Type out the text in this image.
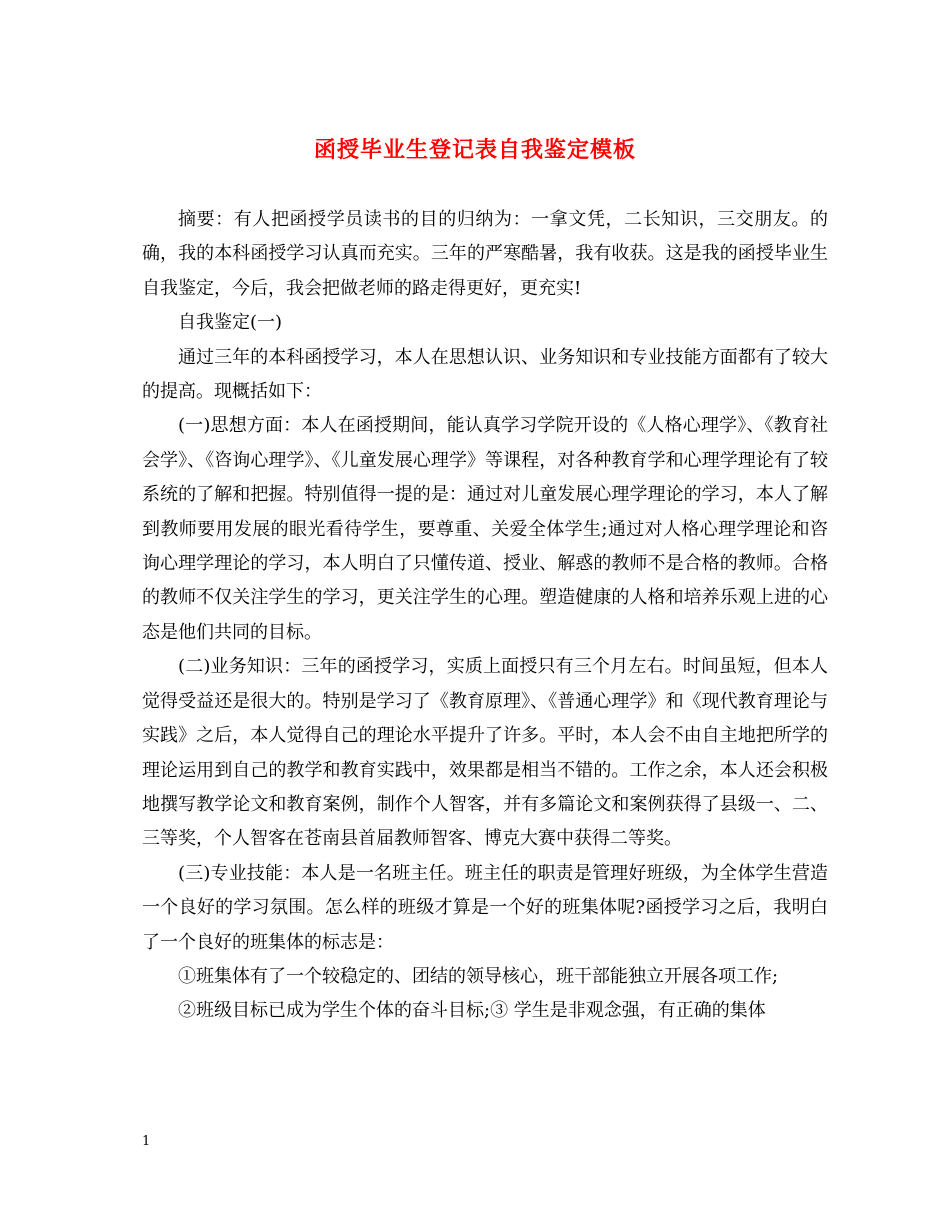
函授毕业生登记表自我鉴定模板

摘要：有人把函授学员读书的目的归纳为：一拿文凭，二长知识，三交朋友。的确，我的本科函授学习认真而充实。三年的严寒酷暑，我有收获。这是我的函授毕业生自我鉴定，今后，我会把做老师的路走得更好，更充实!

自我鉴定(一)

通过三年的本科函授学习，本人在思想认识、业务知识和专业技能方面都有了较大的提高。现概括如下：

(一)思想方面：本人在函授期间，能认真学习学院开设的《人格心理学》、《教育社会学》、《咨询心理学》、《儿童发展心理学》等课程，对各种教育学和心理学理论有了较系统的了解和把握。特别值得一提的是：通过对儿童发展心理学理论的学习，本人了解到教师要用发展的眼光看待学生，要尊重、关爱全体学生;通过对人格心理学理论和咨询心理学理论的学习，本人明白了只懂传道、授业、解惑的教师不是合格的教师。合格的教师不仅关注学生的学习，更关注学生的心理。塑造健康的人格和培养乐观上进的心态是他们共同的目标。

(二)业务知识：三年的函授学习，实质上面授只有三个月左右。时间虽短，但本人觉得受益还是很大的。特别是学习了《教育原理》、《普通心理学》和《现代教育理论与实践》之后，本人觉得自己的理论水平提升了许多。平时，本人会不由自主地把所学的理论运用到自己的教学和教育实践中，效果都是相当不错的。工作之余，本人还会积极地撰写教学论文和教育案例，制作个人智客，并有多篇论文和案例获得了县级一、二、三等奖，个人智客在苍南县首届教师智客、博克大赛中获得二等奖。

(三)专业技能：本人是一名班主任。班主任的职责是管理好班级，为全体学生营造一个良好的学习氛围。怎么样的班级才算是一个好的班集体呢?函授学习之后，我明白了一个良好的班集体的标志是：

①班集体有了一个较稳定的、团结的领导核心，班干部能独立开展各项工作;

②班级目标已成为学生个体的奋斗目标;③ 学生是非观念强，有正确的集体

1
